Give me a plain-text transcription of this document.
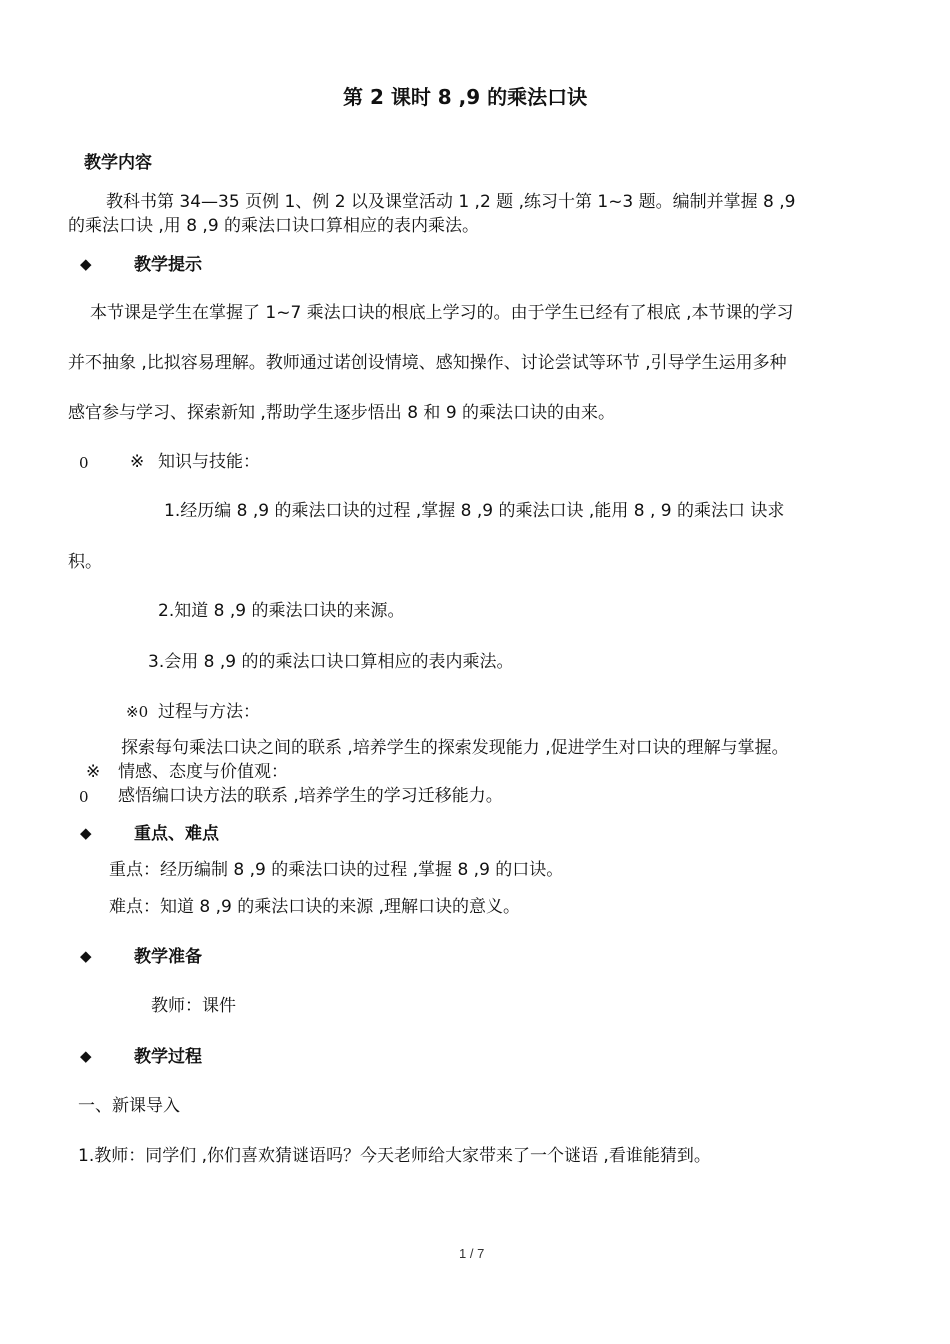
第 2 课时 8 ,9 的乘法口诀
教学内容
教科书第 34—35 页例 1、例 2 以及课堂活动 1 ,2 题 ,练习十第 1~3 题。编制并掌握 8 ,9
的乘法口诀 ,用 8 ,9 的乘法口诀口算相应的表内乘法。
◆ 教学提示
本节课是学生在掌握了 1~7 乘法口诀的根底上学习的。由于学生已经有了根底 ,本节课的学习
并不抽象 ,比拟容易理解。教师通过诺创设情境、感知操作、讨论尝试等环节 ,引导学生运用多种
感官参与学习、探索新知 ,帮助学生逐步悟出 8 和 9 的乘法口诀的由来。
0 ※ 知识与技能：
1.经历编 8 ,9 的乘法口诀的过程 ,掌握 8 ,9 的乘法口诀 ,能用 8 , 9 的乘法口 诀求
积。
2.知道 8 ,9 的乘法口诀的来源。
3.会用 8 ,9 的的乘法口诀口算相应的表内乘法。
※0 过程与方法：
探索每句乘法口诀之间的联系 ,培养学生的探索发现能力 ,促进学生对口诀的理解与掌握。
※ 情感、态度与价值观：
0 感悟编口诀方法的联系 ,培养学生的学习迁移能力。
◆ 重点、难点
重点：经历编制 8 ,9 的乘法口诀的过程 ,掌握 8 ,9 的口诀。
难点：知道 8 ,9 的乘法口诀的来源 ,理解口诀的意义。
◆ 教学准备
教师：课件
◆ 教学过程
一、新课导入
1.教师：同学们 ,你们喜欢猜谜语吗？今天老师给大家带来了一个谜语 ,看谁能猜到。
1 / 7
